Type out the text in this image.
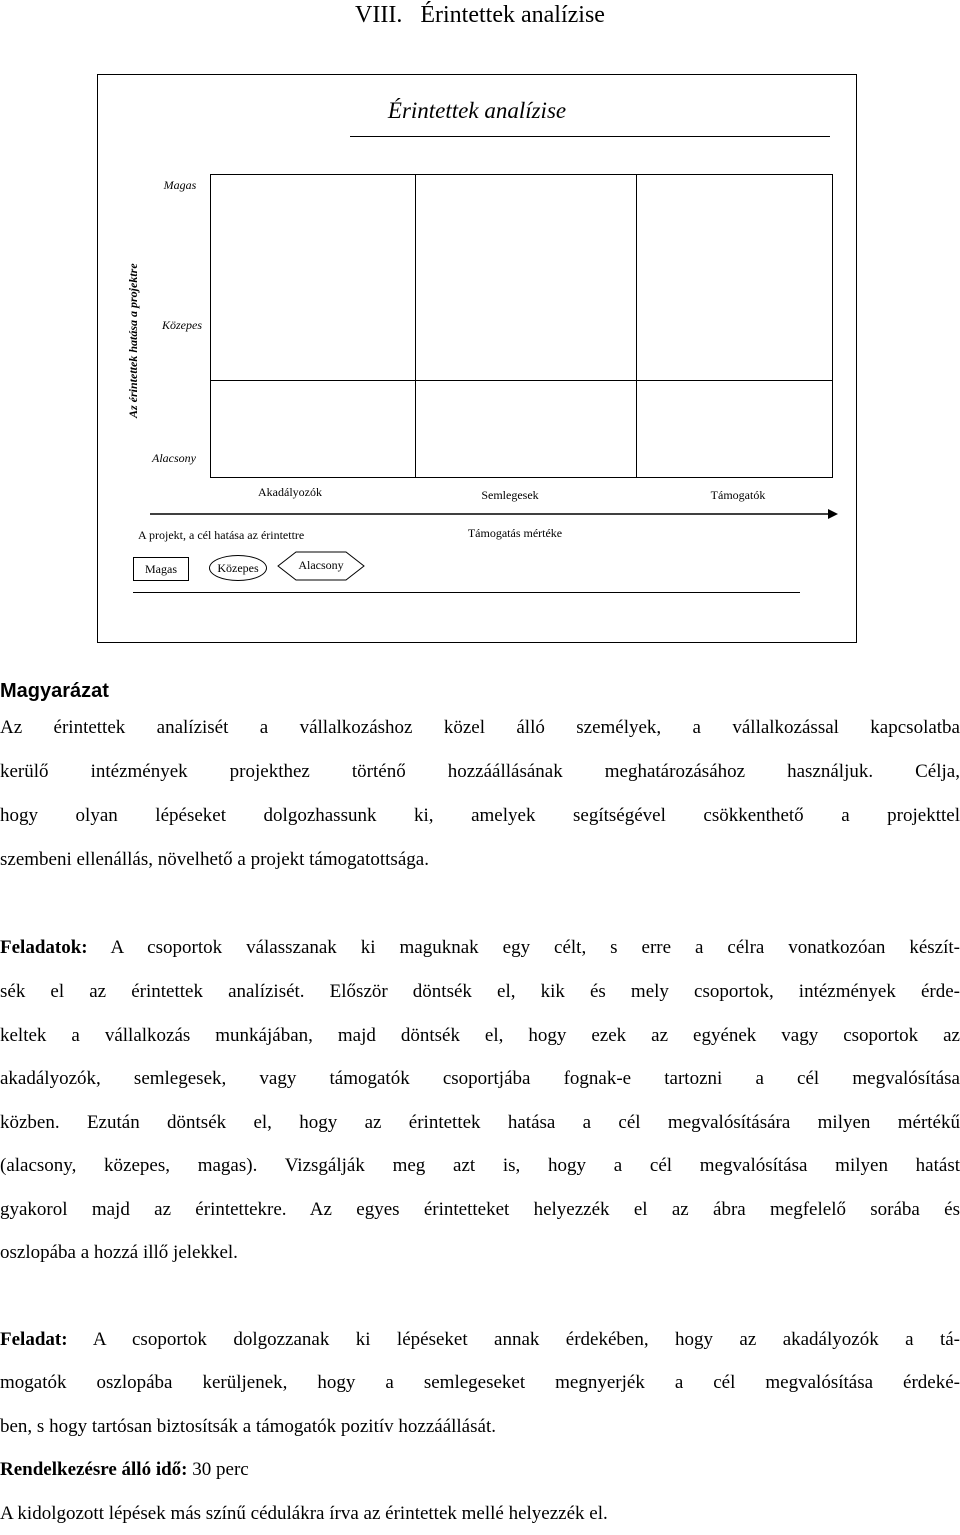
VIII. Érintettek analízise
Érintettek analízise
Magas
Közepes
Alacsony
Az érintettek hatása a projektre
Akadályozók	Semlegesek	Támogatók
A projekt, a cél hatása az érintettre	Támogatás mértéke
Magas	Közepes	Alacsony

Magyarázat

Az érintettek analízisét a vállalkozáshoz közel álló személyek, a vállalkozással kapcsolatba

kerülő intézmények projekthez történő hozzáállásának meghatározásához használjuk. Célja,

hogy olyan lépéseket dolgozhassunk ki, amelyek segítségével csökkenthető a projekttel

szembeni ellenállás, növelhető a projekt támogatottsága.

Feladatok: A csoportok válasszanak ki maguknak egy célt, s erre a célra vonatkozóan készít-

sék el az érintettek analízisét. Először döntsék el, kik és mely csoportok, intézmények érde-

keltek a vállalkozás munkájában, majd döntsék el, hogy ezek az egyének vagy csoportok az

akadályozók, semlegesek, vagy támogatók csoportjába fognak-e tartozni a cél megvalósítása

közben. Ezután döntsék el, hogy az érintettek hatása a cél megvalósítására milyen mértékű

(alacsony, közepes, magas). Vizsgálják meg azt is, hogy a cél megvalósítása milyen hatást

gyakorol majd az érintettekre. Az egyes érintetteket helyezzék el az ábra megfelelő sorába és

oszlopába a hozzá illő jelekkel.

Feladat: A csoportok dolgozzanak ki lépéseket annak érdekében, hogy az akadályozók a tá-

mogatók oszlopába kerüljenek, hogy a semlegeseket megnyerjék a cél megvalósítása érdeké-

ben, s hogy tartósan biztosítsák a támogatók pozitív hozzáállását.

Rendelkezésre álló idő: 30 perc

A kidolgozott lépések más színű cédulákra írva az érintettek mellé helyezzék el.
